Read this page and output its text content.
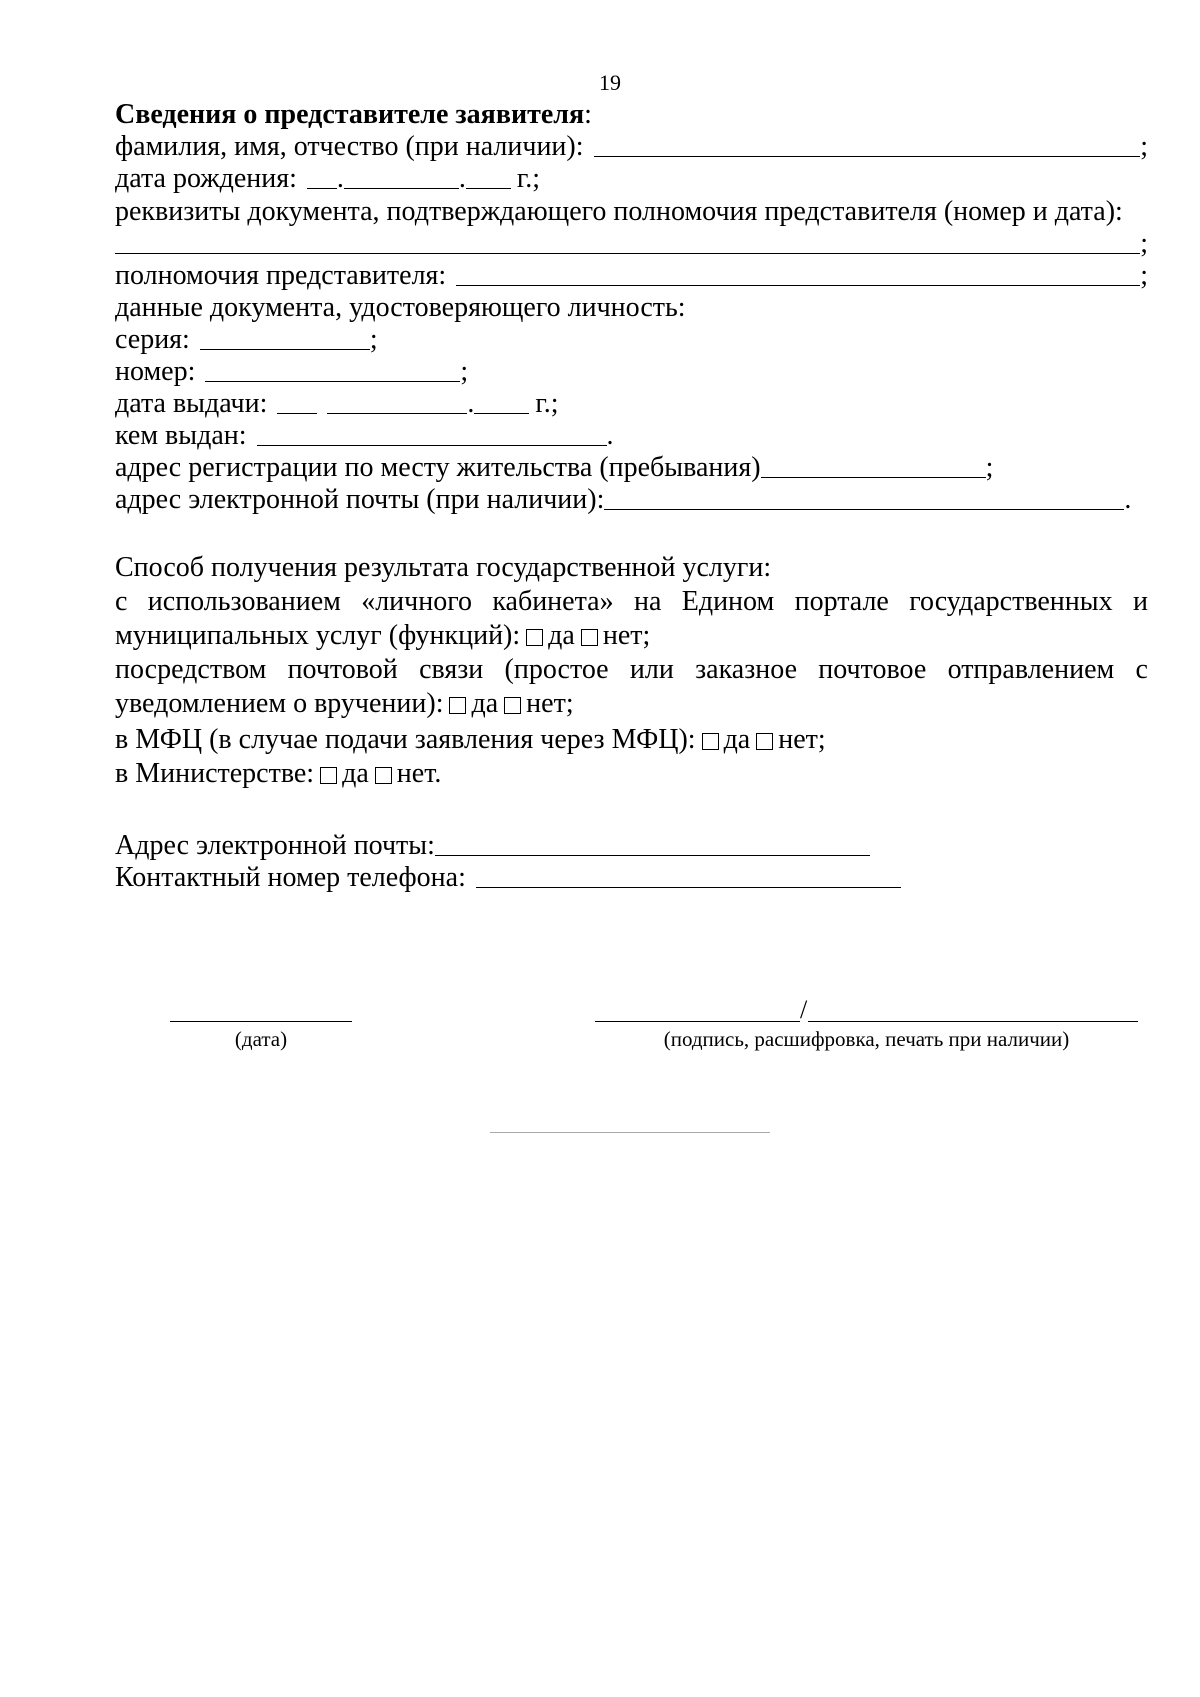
19
Сведения о представителе заявителя :
фамилия, имя, отчество (при наличии):	;
дата рождения: .	. г.;
реквизиты документа, подтверждающего полномочия представителя (номер и дата):
;
полномочия представителя:	;
данные документа, удостоверяющего личность:
серия:	;
номер:	;
дата выдачи:	. г.;
кем выдан:	.
адрес регистрации по месту жительства (пребывания)	;
адрес электронной почты (при наличии):	.
Способ получения результата государственной услуги:
с использованием «личного кабинета» на Едином портале государственных и
муниципальных услуг (функций): да нет;
посредством почтовой связи (простое или заказное почтовое отправлением с
уведомлением о вручении): да нет;
в МФЦ (в случае подачи заявления через МФЦ): да нет;
в Министерстве: да нет.
Адрес электронной почты:
Контактный номер телефона:
(дата)
/
(подпись, расшифровка, печать при наличии)
